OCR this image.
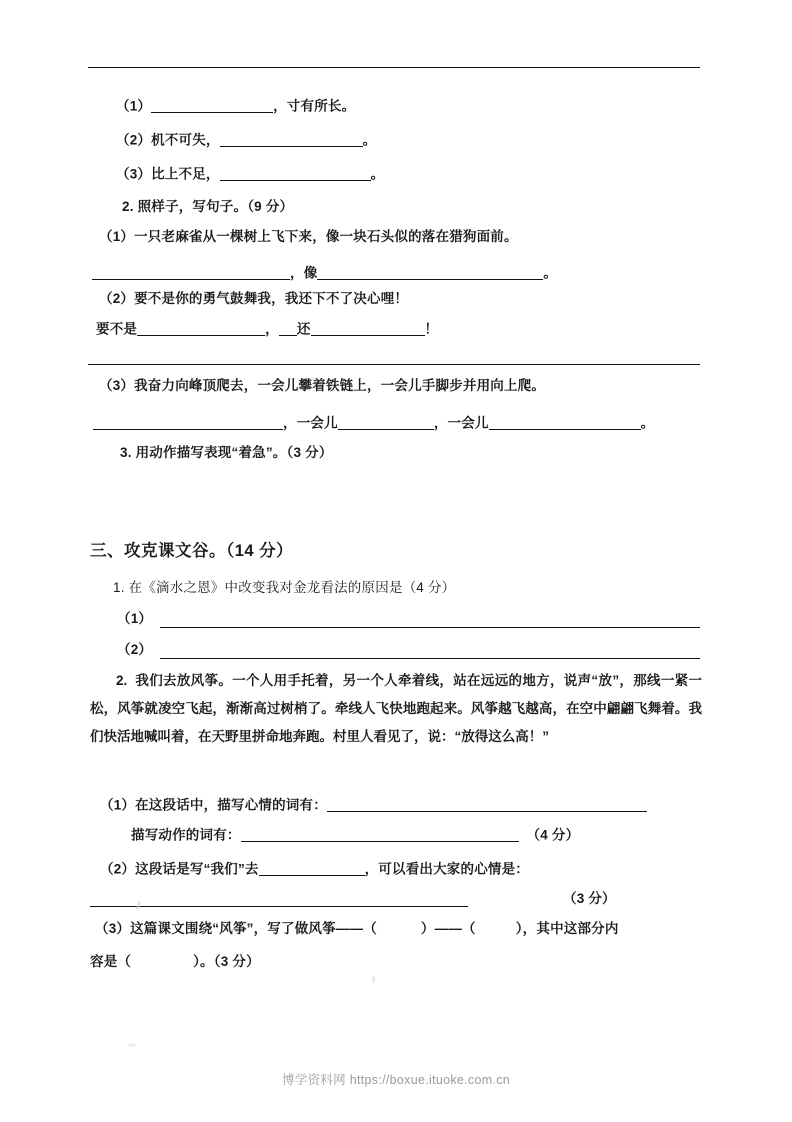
（1）	，寸有所长。
（2）机不可失，	。
（3）比上不足，	。
2. 照样子，写句子。（9 分）
（1）一只老麻雀从一棵树上飞下来，像一块石头似的落在猎狗面前。
，像	。
（2）要不是你的勇气鼓舞我，我还下不了决心哩！
要不是	， 还	！
（3）我奋力向峰顶爬去，一会儿攀着铁链上，一会儿手脚步并用向上爬。
，一会儿	，一会儿	。
3. 用动作描写表现“着急”。（3 分）
三、攻克课文谷。（14 分）
1. 在《滴水之恩》中改变我对金龙看法的原因是（4 分）
（1）
（2）
2. 我们去放风筝。一个人用手托着，另一个人牵着线，站在远远的地方，说声“放”，那线一紧一松，风筝就凌空飞起，渐渐高过树梢了。牵线人飞快地跑起来。风筝越飞越高，在空中翩翩飞舞着。我们快活地喊叫着，在天野里拼命地奔跑。村里人看见了，说：“放得这么高！”
（1）在这段话中，描写心情的词有：
描写动作的词有：	（4 分）
（2）这段话是写“我们”去	，可以看出大家的心情是：
（3 分）
（3）这篇课文围绕“风筝”，写了做风筝——（	）——（	），其中这部分内
容是（	）。（3 分）
博学资料网 https://boxue.ituoke.com.cn
